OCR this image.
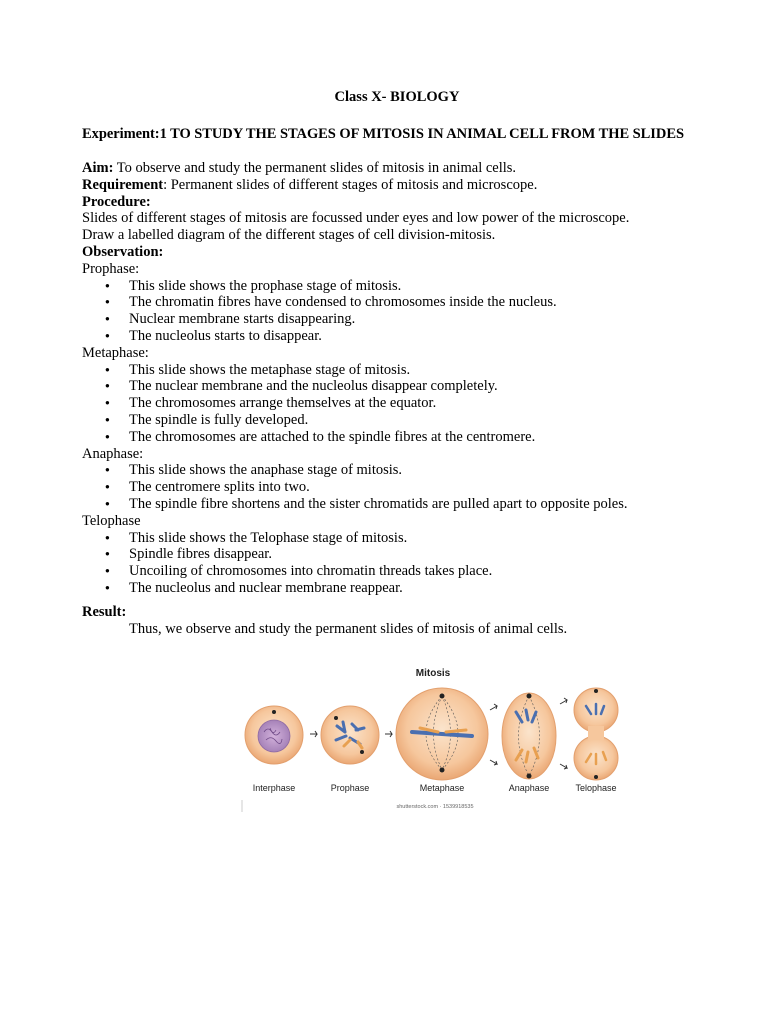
Class X- BIOLOGY
Experiment:1 TO STUDY THE STAGES OF MITOSIS IN ANIMAL CELL FROM THE SLIDES
Aim: To observe and study the permanent slides of mitosis in animal cells.
Requirement: Permanent slides of different stages of mitosis and microscope.
Procedure:
Slides of different stages of mitosis are focussed under eyes and low power of the microscope.
Draw a labelled diagram of the different stages of cell division-mitosis.
Observation:
Prophase:
● This slide shows the prophase stage of mitosis.
● The chromatin fibres have condensed to chromosomes inside the nucleus.
● Nuclear membrane starts disappearing.
● The nucleolus starts to disappear.
Metaphase:
● This slide shows the metaphase stage of mitosis.
● The nuclear membrane and the nucleolus disappear completely.
● The chromosomes arrange themselves at the equator.
● The spindle is fully developed.
● The chromosomes are attached to the spindle fibres at the centromere.
Anaphase:
● This slide shows the anaphase stage of mitosis.
● The centromere splits into two.
● The spindle fibre shortens and the sister chromatids are pulled apart to opposite poles.
Telophase
● This slide shows the Telophase stage of mitosis.
● Spindle fibres disappear.
● Uncoiling of chromosomes into chromatin threads takes place.
● The nucleolus and nuclear membrane reappear.
Result:
Thus, we observe and study the permanent slides of mitosis of animal cells.
Mitosis
Interphase	Prophase	Metaphase	Anaphase	Telophase
shutterstock.com · 1539918535
